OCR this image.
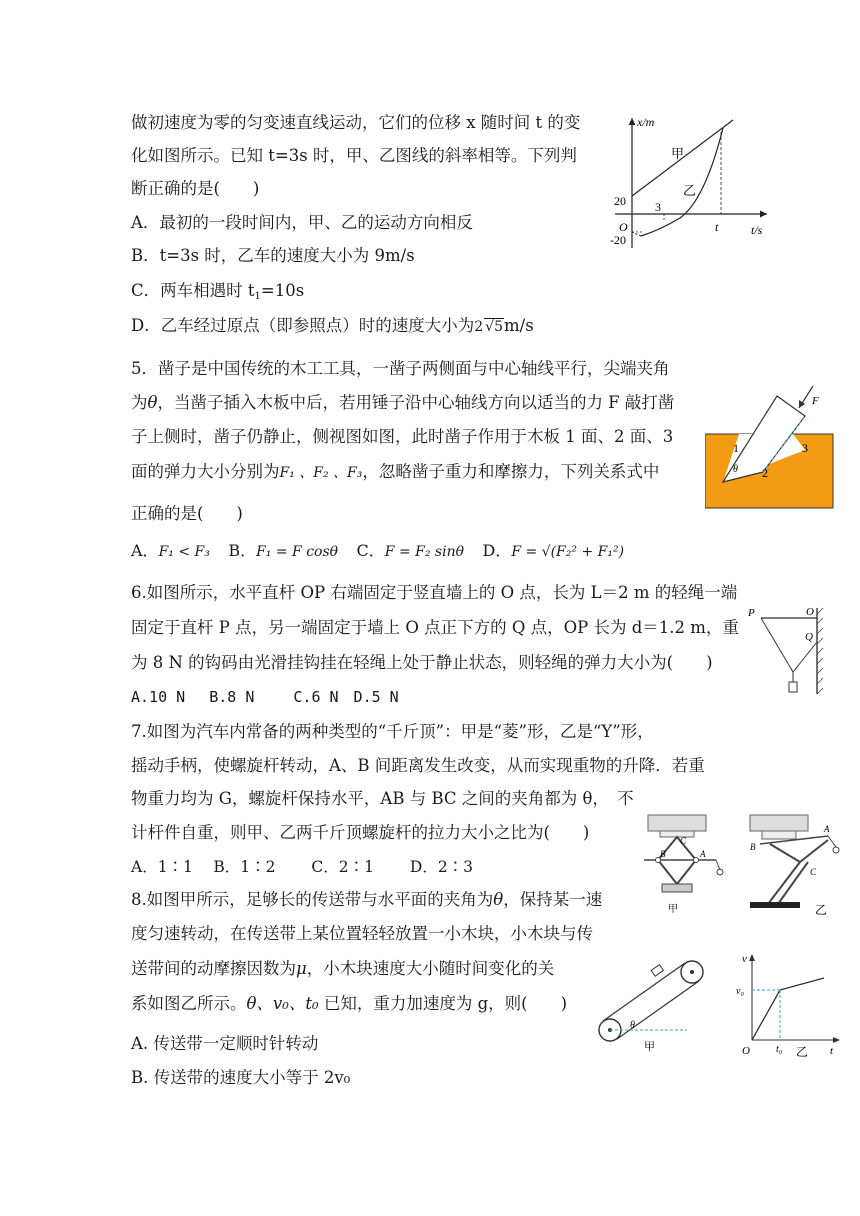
做初速度为零的匀变速直线运动，它们的位移 x 随时间 t 的变
化如图所示。已知 t=3s 时，甲、乙图线的斜率相等。下列判
断正确的是(　　)
A．最初的一段时间内，甲、乙的运动方向相反
B．t=3s 时，乙车的速度大小为 9m/s
C．两车相遇时 $t_1=10s$
D．乙车经过原点（即参照点）时的速度大小为2 √5m/s
x/m
t/s
20
-20
O
3
t
甲
乙
5．凿子是中国传统的木工工具，一凿子两侧面与中心轴线平行，尖端夹角
为θ，当凿子插入木板中后，若用锤子沿中心轴线方向以适当的力 F 敲打凿
子上侧时，凿子仍静止，侧视图如图，此时凿子作用于木板 1 面、2 面、3
面的弹力大小分别为F₁ 、F₂ 、F₃，忽略凿子重力和摩擦力，下列关系式中
正确的是(　　)
A．F₁ < F₃ B．F₁ = F cosθ C．F = F₂ sinθ D．F = √(F₂² + F₁²)
F
1
2
3
θ
6.如图所示，水平直杆 OP 右端固定于竖直墙上的 O 点，长为 L＝2 m 的轻绳一端
固定于直杆 P 点，另一端固定于墙上 O 点正下方的 Q 点，OP 长为 d＝1.2 m，重
为 8 N 的钩码由光滑挂钩挂在轻绳上处于静止状态，则轻绳的弹力大小为(　　)
A.10 N　 B.8 N　　 C.6 N　D.5 N
P	O
Q
7.如图为汽车内常备的两种类型的“千斤顶”：甲是“菱”形，乙是“Y”形，
摇动手柄，使螺旋杆转动，A、B 间距离发生改变，从而实现重物的升降．若重
物重力均为 G，螺旋杆保持水平，AB 与 BC 之间的夹角都为 θ，　不
计杆件自重，则甲、乙两千斤顶螺旋杆的拉力大小之比为(　　)
A．1∶1　 B．1∶2　　 C．2∶1　　 D．2∶3
B	A
C
甲
B
A
C
乙
8.如图甲所示，足够长的传送带与水平面的夹角为θ，保持某一速
度匀速转动，在传送带上某位置轻轻放置一小木块，小木块与传
送带间的动摩擦因数为μ，小木块速度大小随时间变化的关
系如图乙所示。θ、v₀、t₀ 已知，重力加速度为 g，则(　　)
A. 传送带一定顺时针转动
B. 传送带的速度大小等于 2v₀
θ
甲
v
v₀
O	t₀	t
乙
